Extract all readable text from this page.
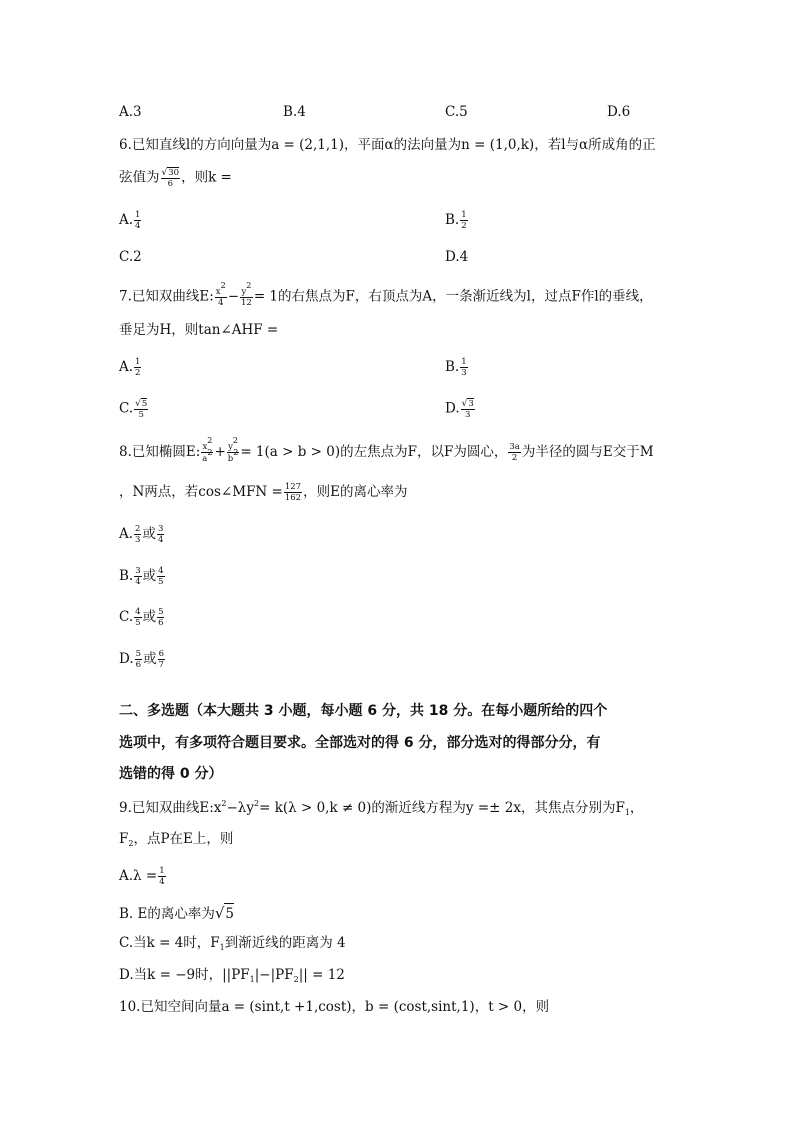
A.3	B.4	C.5	D.6
6.已知直线l的方向向量为a = (2,1,1)，平面α的法向量为n = (1,0,k)，若l与α所成角的正
弦值为 $\frac{√30}{6}$ ，则k =
A. $\frac{1}{4}$	B. $\frac{1}{2}$
C.2	D.4
7.已知双曲线E: $\frac{x^2}{4} - \frac{y^2}{12} = 1$的右焦点为F，右顶点为A，一条渐近线为l，过点F作l的垂线，
垂足为H，则tan∠AHF =
A. $\frac{1}{2}$	B. $\frac{1}{3}$
C. $\frac{√5}{5}$	D. $\frac{√3}{3}$
8.已知椭圆E: $\frac{x^2}{a^2} + \frac{y^2}{b^2} = 1(a > b > 0)$的左焦点为F，以F为圆心， $\frac{3a}{2}$ 为半径的圆与E交于M
，N两点，若cos∠MFN = $\frac{127}{162}$ ，则E的离心率为
A. $\frac{2}{3}$ 或 $\frac{3}{4}$
B. $\frac{3}{4}$ 或 $\frac{4}{5}$
C. $\frac{4}{5}$ 或 $\frac{5}{6}$
D. $\frac{5}{6}$ 或 $\frac{6}{7}$
二、多选题（本大题共 3 小题，每小题 6 分，共 18 分。在每小题所给的四个
选项中，有多项符合题目要求。全部选对的得 6 分，部分选对的得部分分，有
选错的得 0 分）
9.已知双曲线$E:x^2-\lambda y^2= k(\lambda > 0,k \ne 0)$的渐近线方程为y =± 2x，其焦点分别为$F_1$，
$F_2$，点P在E上，则
$A.\lambda = \frac{1}{4}$
B. E的离心率为√5
C.当k = 4时，$F_1$到渐近线的距离为 4
D.当k = −9时，$||PF_1|-|PF_2|| = 12$
10.已知空间向量a = (sint,t +1,cost)，b = (cost,sint,1)，t > 0，则
